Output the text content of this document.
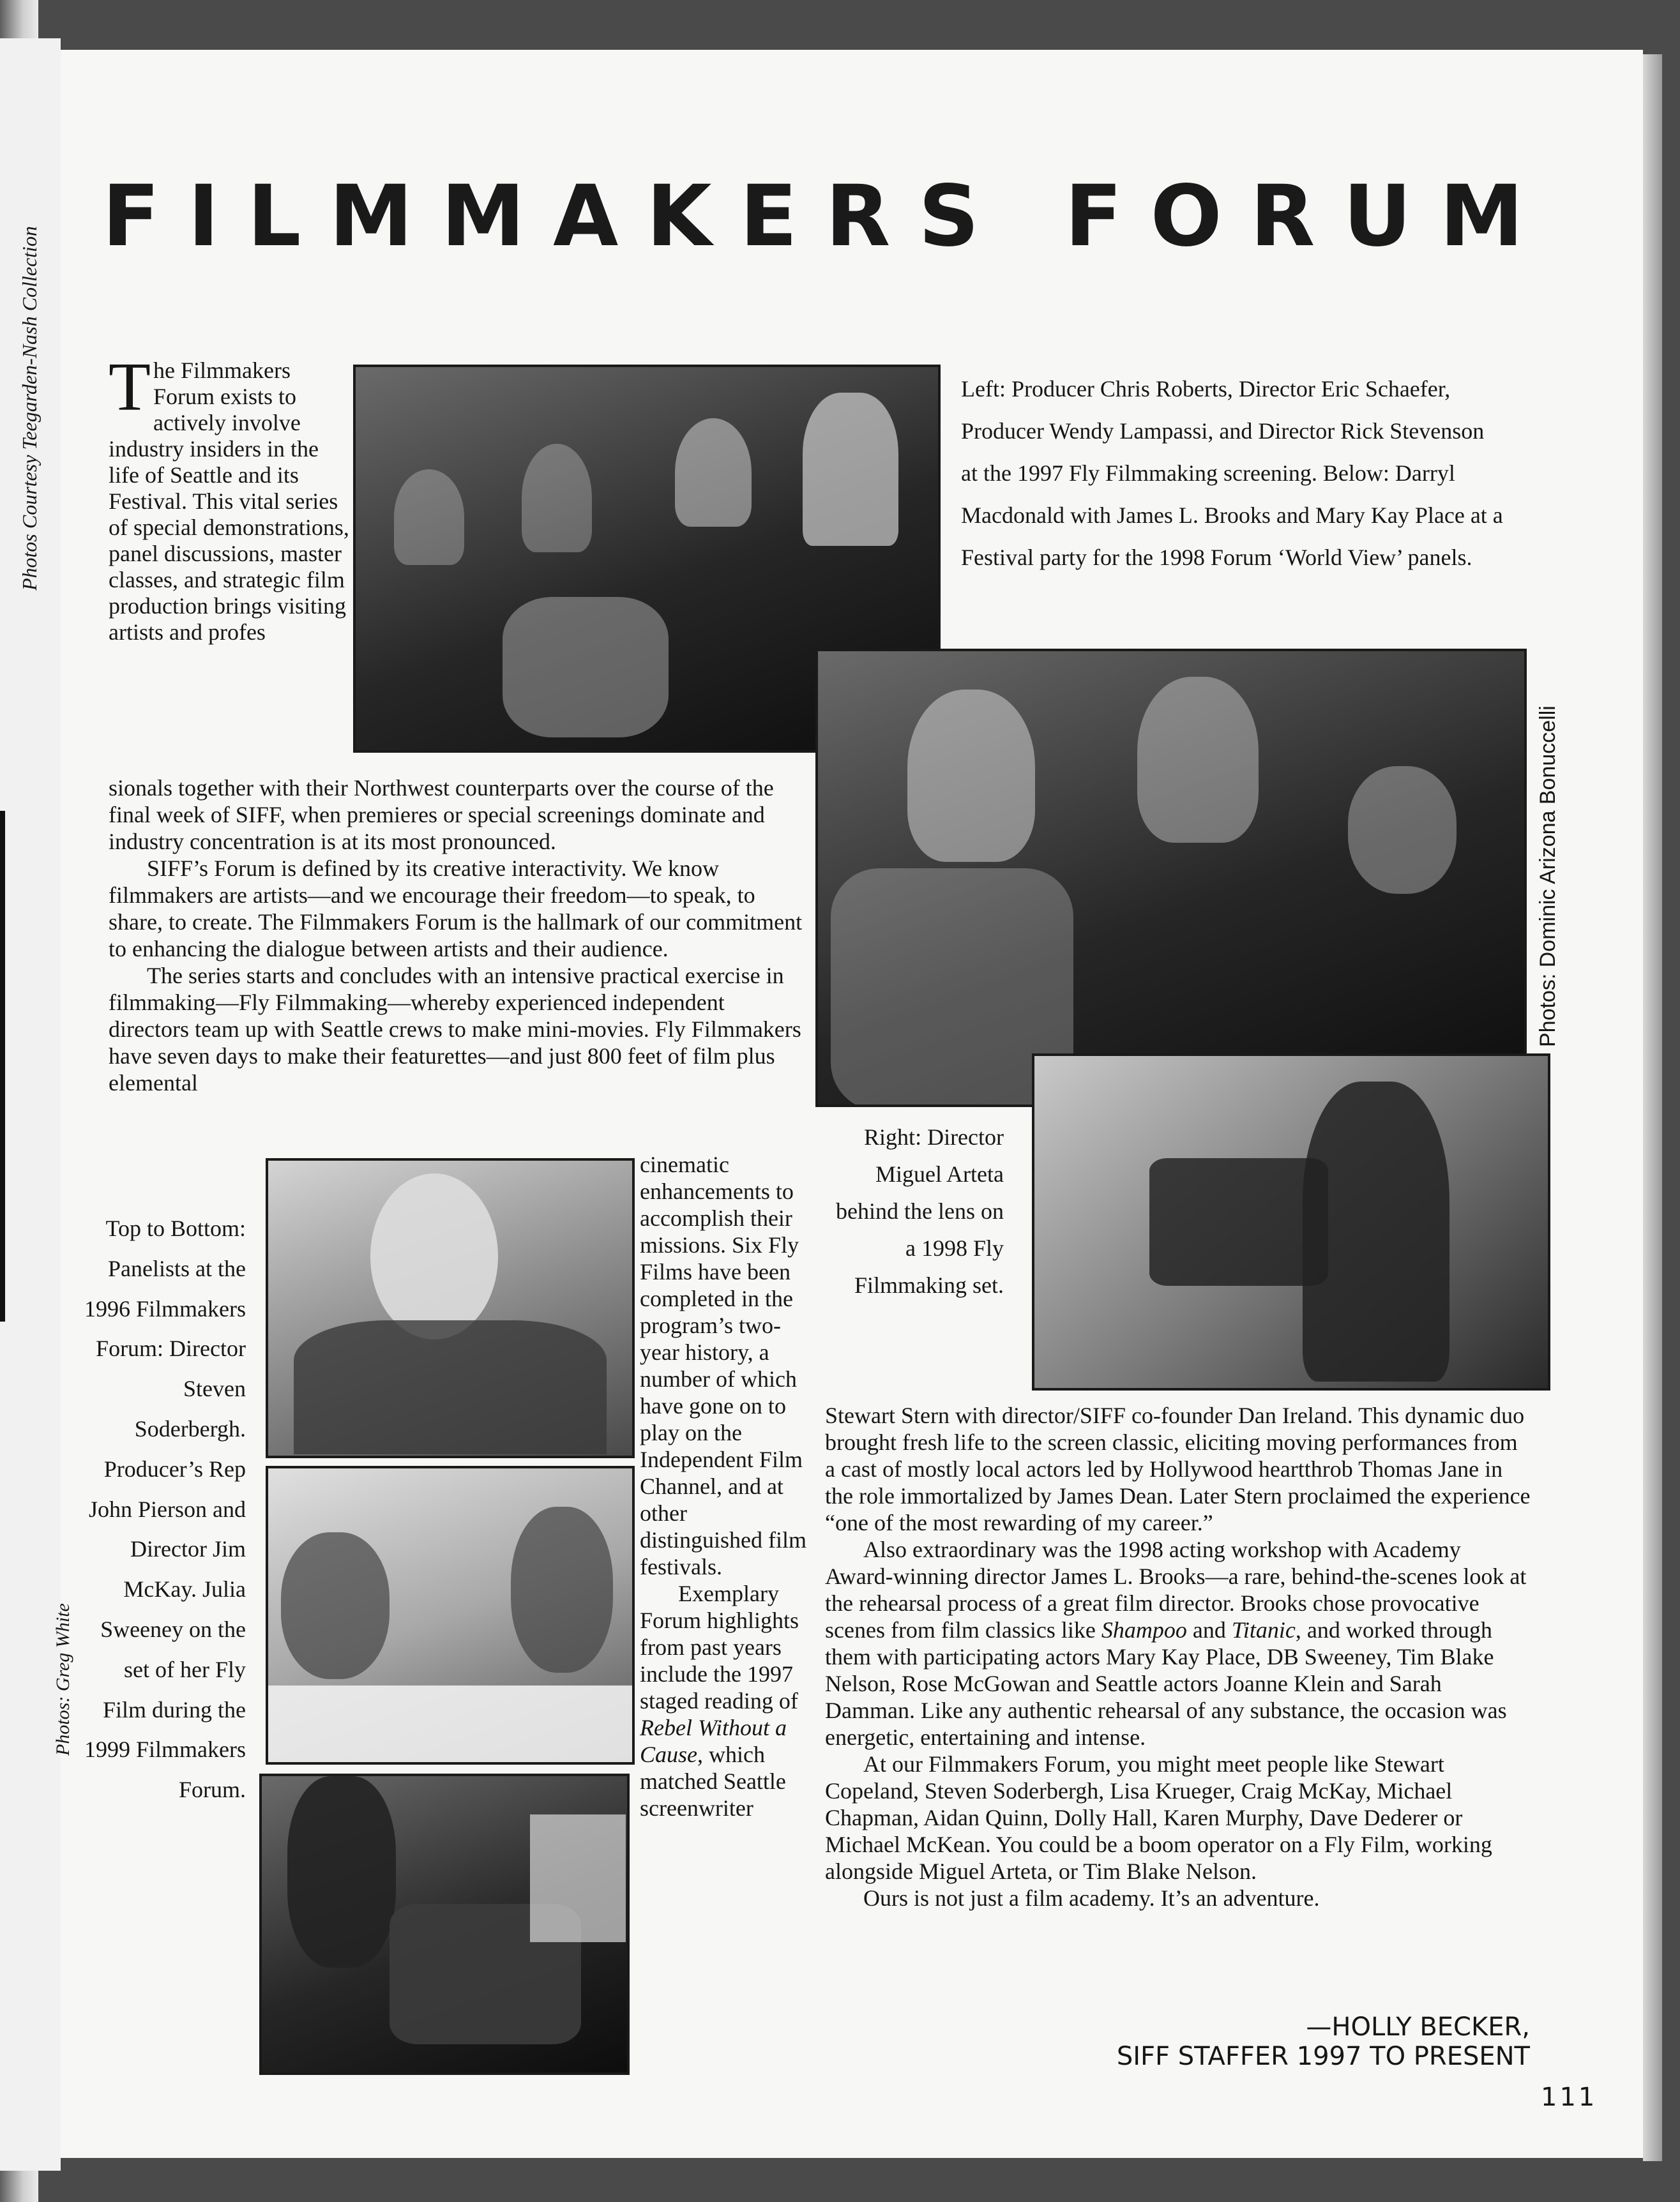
Photos Courtesy Teegarden-Nash Collection
FILMMAKERS FORUM
Left: Producer Chris Roberts, Director Eric Schaefer, Producer Wendy Lampassi, and Director Rick Stevenson at the 1997 Fly Filmmaking screening. Below: Darryl Macdonald with James L. Brooks and Mary Kay Place at a Festival party for the 1998 Forum ‘World View’ panels.
The Filmmakers Forum exists to actively involve industry insiders in the life of Seattle and its Festival. This vital series of special demonstrations, panel discussions, master classes, and strategic film production brings visiting artists and profes

sionals together with their Northwest counterparts over the course of the final week of SIFF, when premieres or special screenings dominate and industry concentration is at its most pronounced.

SIFF’s Forum is defined by its creative interactivity. We know filmmakers are artists—and we encourage their freedom—to speak, to share, to create. The Filmmakers Forum is the hallmark of our commitment to enhancing the dialogue between artists and their audience.

The series starts and concludes with an intensive practical exercise in filmmaking—Fly Filmmaking—whereby experienced independent directors team up with Seattle crews to make mini-movies. Fly Filmmakers have seven days to make their featurettes—and just 800 feet of film plus elemental

Photos: Dominic Arizona Bonuccelli
Right: Director Miguel Arteta behind the lens on a 1998 Fly Filmmaking set.
Top to Bottom: Panelists at the 1996 Filmmakers Forum: Director Steven Soderbergh. Producer’s Rep John Pierson and Director Jim McKay. Julia Sweeney on the set of her Fly Film during the 1999 Filmmakers Forum.
Photos: Greg White
cinematic enhancements to accomplish their missions. Six Fly Films have been completed in the program’s two-year history, a number of which have gone on to play on the Independent Film Channel, and at other distinguished film festivals.

Exemplary Forum highlights from past years include the 1997 staged reading of Rebel Without a Cause, which matched Seattle screenwriter

Stewart Stern with director/SIFF co-founder Dan Ireland. This dynamic duo brought fresh life to the screen classic, eliciting moving performances from a cast of mostly local actors led by Hollywood heartthrob Thomas Jane in the role immortalized by James Dean. Later Stern proclaimed the experience “one of the most rewarding of my career.”

Also extraordinary was the 1998 acting workshop with Academy Award-winning director James L. Brooks—a rare, behind-the-scenes look at the rehearsal process of a great film director. Brooks chose provocative scenes from film classics like Shampoo and Titanic, and worked through them with participating actors Mary Kay Place, DB Sweeney, Tim Blake Nelson, Rose McGowan and Seattle actors Joanne Klein and Sarah Damman. Like any authentic rehearsal of any substance, the occasion was energetic, entertaining and intense.

At our Filmmakers Forum, you might meet people like Stewart Copeland, Steven Soderbergh, Lisa Krueger, Craig McKay, Michael Chapman, Aidan Quinn, Dolly Hall, Karen Murphy, Dave Dederer or Michael McKean. You could be a boom operator on a Fly Film, working alongside Miguel Arteta, or Tim Blake Nelson.

Ours is not just a film academy. It’s an adventure.

—HOLLY BECKER,
SIFF STAFFER 1997 TO PRESENT
111
